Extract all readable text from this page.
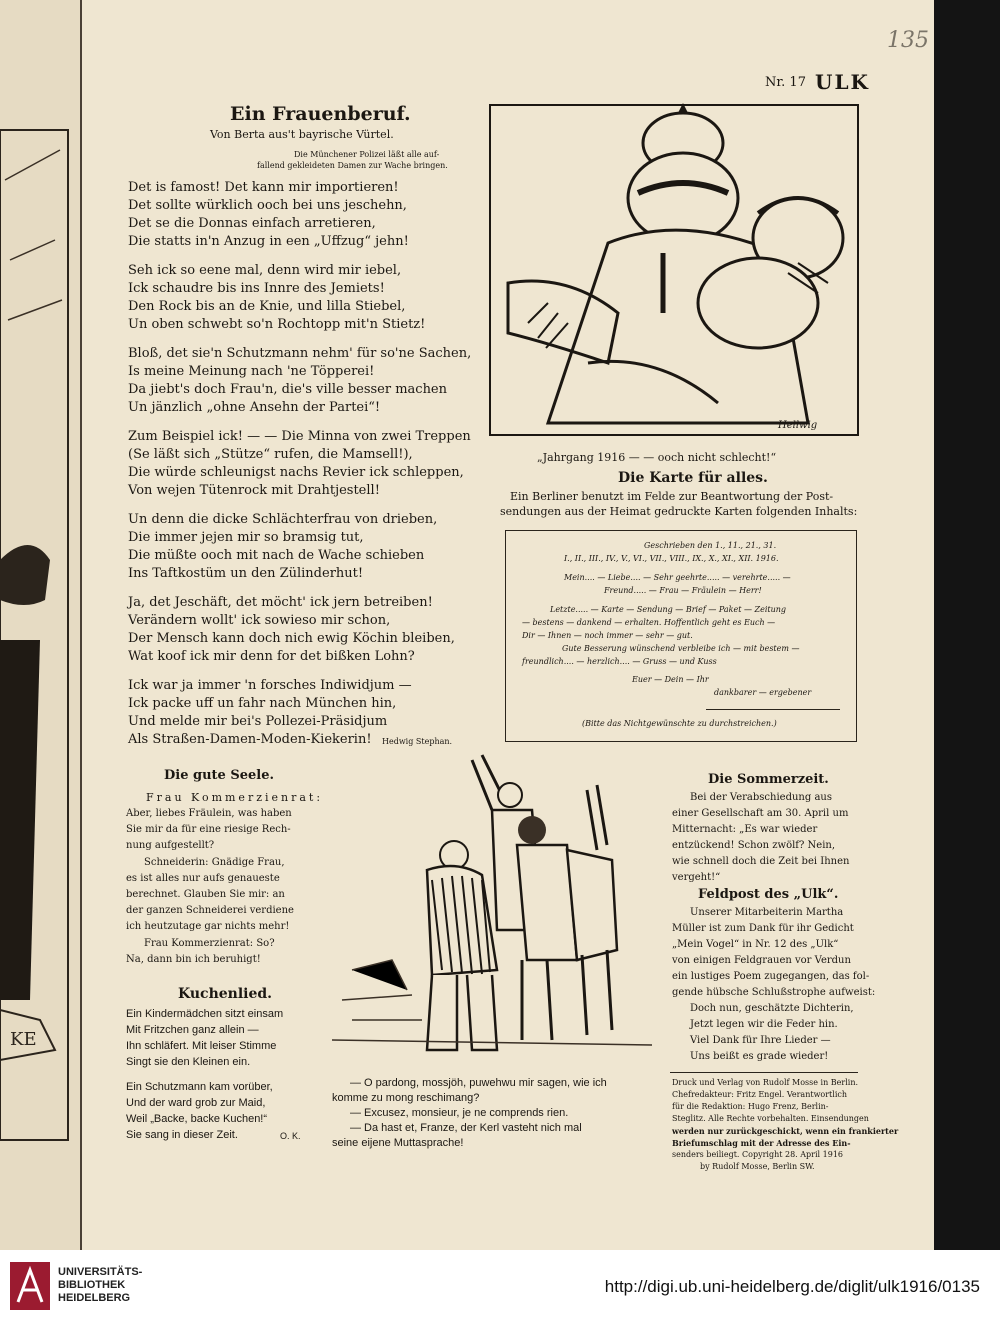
KE
135
Nr. 17 ULK
Ein Frauenberuf.
Von Berta aus't bayrische Vürtel.
Die Münchener Polizei läßt alle auf-
fallend gekleideten Damen zur Wache bringen.
Det is famost! Det kann mir importieren!
Det sollte würklich ooch bei uns jeschehn,
Det se die Donnas einfach arretieren,
Die statts in'n Anzug in een „Uffzug“ jehn!
Seh ick so eene mal, denn wird mir iebel,
Ick schaudre bis ins Innre des Jemiets!
Den Rock bis an de Knie, und lilla Stiebel,
Un oben schwebt so'n Rochtopp mit'n Stietz!
Bloß, det sie'n Schutzmann nehm' für so'ne Sachen,
Is meine Meinung nach 'ne Töpperei!
Da jiebt's doch Frau'n, die's ville besser machen
Un jänzlich „ohne Ansehn der Partei“!
Zum Beispiel ick! — — Die Minna von zwei Treppen
(Se läßt sich „Stütze“ rufen, die Mamsell!),
Die würde schleunigst nachs Revier ick schleppen,
Von wejen Tütenrock mit Drahtjestell!
Un denn die dicke Schlächterfrau von drieben,
Die immer jejen mir so bramsig tut,
Die müßte ooch mit nach de Wache schieben
Ins Taftkostüm un den Zülinderhut!
Ja, det Jeschäft, det möcht' ick jern betreiben!
Verändern wollt' ick sowieso mir schon,
Der Mensch kann doch nich ewig Köchin bleiben,
Wat koof ick mir denn for det bißken Lohn?
Ick war ja immer 'n forsches Indiwidjum —
Ick packe uff un fahr nach München hin,
Und melde mir bei's Pollezei-Präsidjum
Als Straßen-Damen-Moden-Kiekerin! Hedwig Stephan.
Hellwig
„Jahrgang 1916 — — ooch nicht schlecht!“
Die Karte für alles.
Ein Berliner benutzt im Felde zur Beantwortung der Post-
sendungen aus der Heimat gedruckte Karten folgenden Inhalts:
Geschrieben den 1., 11., 21., 31.
I., II., III., IV., V., VI., VII., VIII., IX., X., XI., XII. 1916.
Mein.... — Liebe.... — Sehr geehrte..... — verehrte..... —
Freund..... — Frau — Fräulein — Herr!
Letzte..... — Karte — Sendung — Brief — Paket — Zeitung
— bestens — dankend — erhalten. Hoffentlich geht es Euch —
Dir — Ihnen — noch immer — sehr — gut.
Gute Besserung wünschend verbleibe ich — mit bestem —
freundlich.... — herzlich.... — Gruss — und Kuss
Euer — Dein — Ihr
dankbarer — ergebener
(Bitte das Nichtgewünschte zu durchstreichen.)
Die gute Seele.
Frau Kommerzienrat:
Aber, liebes Fräulein, was haben
Sie mir da für eine riesige Rech-
nung aufgestellt?
Schneiderin: Gnädige Frau,
es ist alles nur aufs genaueste
berechnet. Glauben Sie mir: an
der ganzen Schneiderei verdiene
ich heutzutage gar nichts mehr!
Frau Kommerzienrat: So?
Na, dann bin ich beruhigt!
Kuchenlied.
Ein Kindermädchen sitzt einsam
Mit Fritzchen ganz allein —
Ihn schläfert. Mit leiser Stimme
Singt sie den Kleinen ein.
Ein Schutzmann kam vorüber,
Und der ward grob zur Maid,
Weil „Backe, backe Kuchen!“
Sie sang in dieser Zeit.	O. K.
— O pardong, mossjöh, puwehwu mir sagen, wie ich
komme zu mong reschimang?
— Excusez, monsieur, je ne comprends rien.
— Da hast et, Franze, der Kerl vasteht nich mal
seine eijene Muttasprache!
Die Sommerzeit.
Bei der Verabschiedung aus
einer Gesellschaft am 30. April um
Mitternacht: „Es war wieder
entzückend! Schon zwölf? Nein,
wie schnell doch die Zeit bei Ihnen
vergeht!“
Feldpost des „Ulk“.
Unserer Mitarbeiterin Martha
Müller ist zum Dank für ihr Gedicht
„Mein Vogel“ in Nr. 12 des „Ulk“
von einigen Feldgrauen vor Verdun
ein lustiges Poem zugegangen, das fol-
gende hübsche Schlußstrophe aufweist:
Doch nun, geschätzte Dichterin,
Jetzt legen wir die Feder hin.
Viel Dank für Ihre Lieder —
Uns beißt es grade wieder!
Druck und Verlag von Rudolf Mosse in Berlin.
Chefredakteur: Fritz Engel. Verantwortlich
für die Redaktion: Hugo Frenz, Berlin-
Steglitz. Alle Rechte vorbehalten. Einsendungen
werden nur zurückgeschickt, wenn ein frankierter
Briefumschlag mit der Adresse des Ein-
senders beiliegt. Copyright 28. April 1916
by Rudolf Mosse, Berlin SW.
UNIVERSITÄTS-
BIBLIOTHEK
HEIDELBERG
http://digi.ub.uni-heidelberg.de/diglit/ulk1916/0135
